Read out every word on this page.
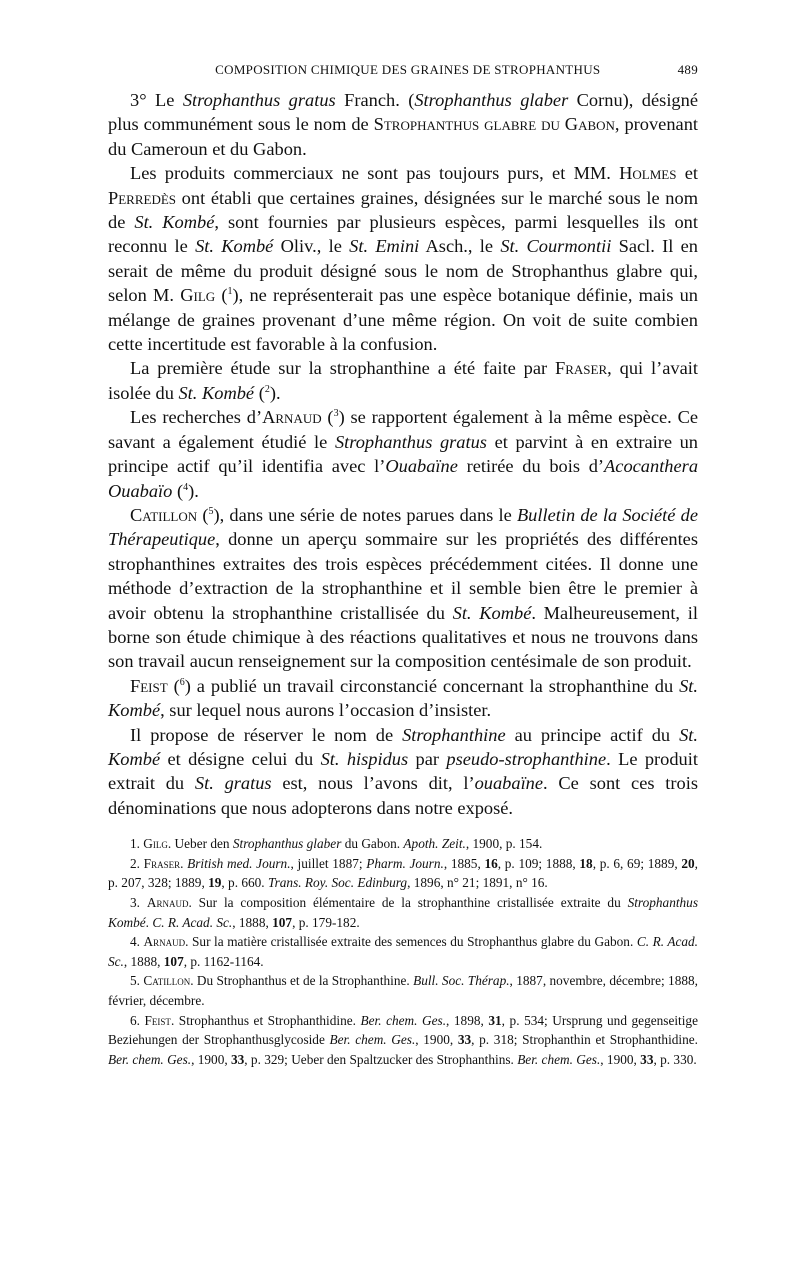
COMPOSITION CHIMIQUE DES GRAINES DE STROPHANTHUS	489

3° Le Strophanthus gratus Franch. (Strophanthus glaber Cornu), désigné plus communément sous le nom de Strophanthus glabre du Gabon, provenant du Cameroun et du Gabon.

Les produits commerciaux ne sont pas toujours purs, et MM. Holmes et Perredès ont établi que certaines graines, désignées sur le marché sous le nom de St. Kombé, sont fournies par plusieurs espèces, parmi lesquelles ils ont reconnu le St. Kombé Oliv., le St. Emini Asch., le St. Courmontii Sacl. Il en serait de même du produit désigné sous le nom de Strophanthus glabre qui, selon M. Gilg ($^1$), ne représenterait pas une espèce botanique définie, mais un mélange de graines provenant d’une même région. On voit de suite combien cette incertitude est favorable à la confusion.

La première étude sur la strophanthine a été faite par Fraser, qui l’avait isolée du St. Kombé ($^2$).

Les recherches d’Arnaud ($^3$) se rapportent également à la même espèce. Ce savant a également étudié le Strophanthus gratus et parvint à en extraire un principe actif qu’il identifia avec l’Ouabaïne retirée du bois d’Acocanthera Ouabaïo ($^4$).

Catillon ($^5$), dans une série de notes parues dans le Bulletin de la Société de Thérapeutique, donne un aperçu sommaire sur les propriétés des différentes strophanthines extraites des trois espèces précédemment citées. Il donne une méthode d’extraction de la strophanthine et il semble bien être le premier à avoir obtenu la strophanthine cristallisée du St. Kombé. Malheureusement, il borne son étude chimique à des réactions qualitatives et nous ne trouvons dans son travail aucun renseignement sur la composition centésimale de son produit.

Feist ($^6$) a publié un travail circonstancié concernant la strophanthine du St. Kombé, sur lequel nous aurons l’occasion d’insister.

Il propose de réserver le nom de Strophanthine au principe actif du St. Kombé et désigne celui du St. hispidus par pseudo-strophanthine. Le produit extrait du St. gratus est, nous l’avons dit, l’ouabaïne. Ce sont ces trois dénominations que nous adopterons dans notre exposé.

1. Gilg. Ueber den Strophanthus glaber du Gabon. Apoth. Zeit., 1900, p. 154.

2. Fraser. British med. Journ., juillet 1887; Pharm. Journ., 1885, 16, p. 109; 1888, 18, p. 6, 69; 1889, 20, p. 207, 328; 1889, 19, p. 660. Trans. Roy. Soc. Edinburg, 1896, n° 21; 1891, n° 16.

3. Arnaud. Sur la composition élémentaire de la strophanthine cristallisée extraite du Strophanthus Kombé. C. R. Acad. Sc., 1888, 107, p. 179-182.

4. Arnaud. Sur la matière cristallisée extraite des semences du Strophanthus glabre du Gabon. C. R. Acad. Sc., 1888, 107, p. 1162-1164.

5. Catillon. Du Strophanthus et de la Strophanthine. Bull. Soc. Thérap., 1887, novembre, décembre; 1888, février, décembre.

6. Feist. Strophanthus et Strophanthidine. Ber. chem. Ges., 1898, 31, p. 534; Ursprung und gegenseitige Beziehungen der Strophanthusglycoside Ber. chem. Ges., 1900, 33, p. 318; Strophanthin et Strophanthidine. Ber. chem. Ges., 1900, 33, p. 329; Ueber den Spaltzucker des Strophanthins. Ber. chem. Ges., 1900, 33, p. 330.
